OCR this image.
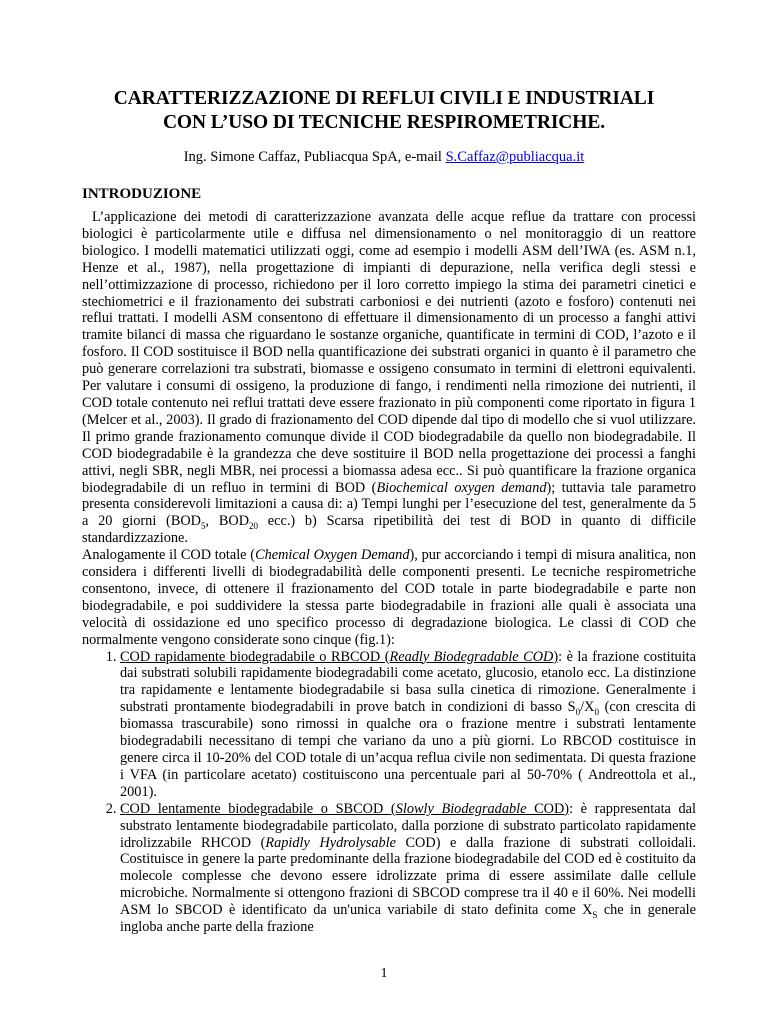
CARATTERIZZAZIONE DI REFLUI CIVILI E INDUSTRIALI
CON L’USO DI TECNICHE RESPIROMETRICHE.
Ing. Simone Caffaz, Publiacqua SpA, e-mail S.Caffaz@publiacqua.it
INTRODUZIONE

L’applicazione dei metodi di caratterizzazione avanzata delle acque reflue da trattare con processi biologici è particolarmente utile e diffusa nel dimensionamento o nel monitoraggio di un reattore biologico. I modelli matematici utilizzati oggi, come ad esempio i modelli ASM dell’IWA (es. ASM n.1, Henze et al., 1987), nella progettazione di impianti di depurazione, nella verifica degli stessi e nell’ottimizzazione di processo, richiedono per il loro corretto impiego la stima dei parametri cinetici e stechiometrici e il frazionamento dei substrati carboniosi e dei nutrienti (azoto e fosforo) contenuti nei reflui trattati. I modelli ASM consentono di effettuare il dimensionamento di un processo a fanghi attivi tramite bilanci di massa che riguardano le sostanze organiche, quantificate in termini di COD, l’azoto e il fosforo. Il COD sostituisce il BOD nella quantificazione dei substrati organici in quanto è il parametro che può generare correlazioni tra substrati, biomasse e ossigeno consumato in termini di elettroni equivalenti. Per valutare i consumi di ossigeno, la produzione di fango, i rendimenti nella rimozione dei nutrienti, il COD totale contenuto nei reflui trattati deve essere frazionato in più componenti come riportato in figura 1 (Melcer et al., 2003). Il grado di frazionamento del COD dipende dal tipo di modello che si vuol utilizzare. Il primo grande frazionamento comunque divide il COD biodegradabile da quello non biodegradabile. Il COD biodegradabile è la grandezza che deve sostituire il BOD nella progettazione dei processi a fanghi attivi, negli SBR, negli MBR, nei processi a biomassa adesa ecc.. Si può quantificare la frazione organica biodegradabile di un refluo in termini di BOD (Biochemical oxygen demand); tuttavia tale parametro presenta considerevoli limitazioni a causa di: a) Tempi lunghi per l’esecuzione del test, generalmente da 5 a 20 giorni ($BOD_5$, $BOD_{20}$ ecc.) b) Scarsa ripetibilità dei test di BOD in quanto di difficile standardizzazione.

Analogamente il COD totale (Chemical Oxygen Demand), pur accorciando i tempi di misura analitica, non considera i differenti livelli di biodegradabilità delle componenti presenti. Le tecniche respirometriche consentono, invece, di ottenere il frazionamento del COD totale in parte biodegradabile e parte non biodegradabile, e poi suddividere la stessa parte biodegradabile in frazioni alle quali è associata una velocità di ossidazione ed uno specifico processo di degradazione biologica. Le classi di COD che normalmente vengono considerate sono cinque (fig.1):

1. COD rapidamente biodegradabile o RBCOD (Readly Biodegradable COD): è la frazione costituita dai substrati solubili rapidamente biodegradabili come acetato, glucosio, etanolo ecc. La distinzione tra rapidamente e lentamente biodegradabile si basa sulla cinetica di rimozione. Generalmente i substrati prontamente biodegradabili in prove batch in condizioni di basso $S_0/X_0$ (con crescita di biomassa trascurabile) sono rimossi in qualche ora o frazione mentre i substrati lentamente biodegradabili necessitano di tempi che variano da uno a più giorni. Lo RBCOD costituisce in genere circa il 10-20% del COD totale di un’acqua reflua civile non sedimentata. Di questa frazione i VFA (in particolare acetato) costituiscono una percentuale pari al 50-70% ( Andreottola et al., 2001).
2. COD lentamente biodegradabile o SBCOD (Slowly Biodegradable COD): è rappresentata dal substrato lentamente biodegradabile particolato, dalla porzione di substrato particolato rapidamente idrolizzabile RHCOD (Rapidly Hydrolysable COD) e dalla frazione di substrati colloidali. Costituisce in genere la parte predominante della frazione biodegradabile del COD ed è costituito da molecole complesse che devono essere idrolizzate prima di essere assimilate dalle cellule microbiche. Normalmente si ottengono frazioni di SBCOD comprese tra il 40 e il 60%. Nei modelli ASM lo SBCOD è identificato da un'unica variabile di stato definita come $X_S$ che in generale ingloba anche parte della frazione
1
